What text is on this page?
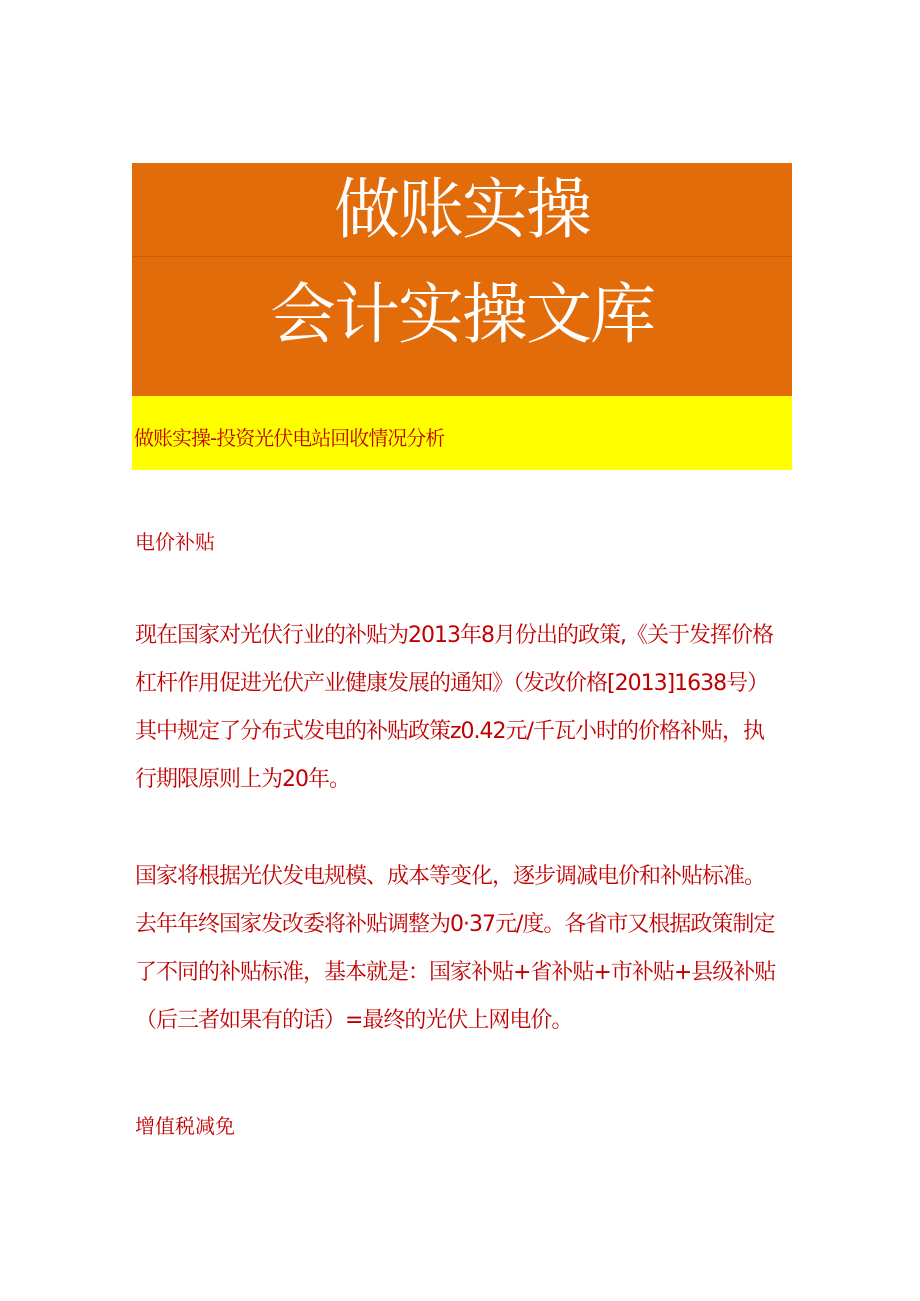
做账实操
会计实操文库
做账实操-投资光伏电站回收情况分析
电价补贴
现在国家对光伏行业的补贴为2013年8月份出的政策,《关于发挥价格
杠杆作用促进光伏产业健康发展的通知》（发改价格[2013]1638号）
其中规定了分布式发电的补贴政策z0.42元/千瓦小时的价格补贴，执
行期限原则上为20年。
国家将根据光伏发电规模、成本等变化，逐步调减电价和补贴标准。
去年年终国家发改委将补贴调整为0·37元/度。各省市又根据政策制定
了不同的补贴标准，基本就是：国家补贴+省补贴+市补贴+县级补贴
（后三者如果有的话）=最终的光伏上网电价。
增值税减免
